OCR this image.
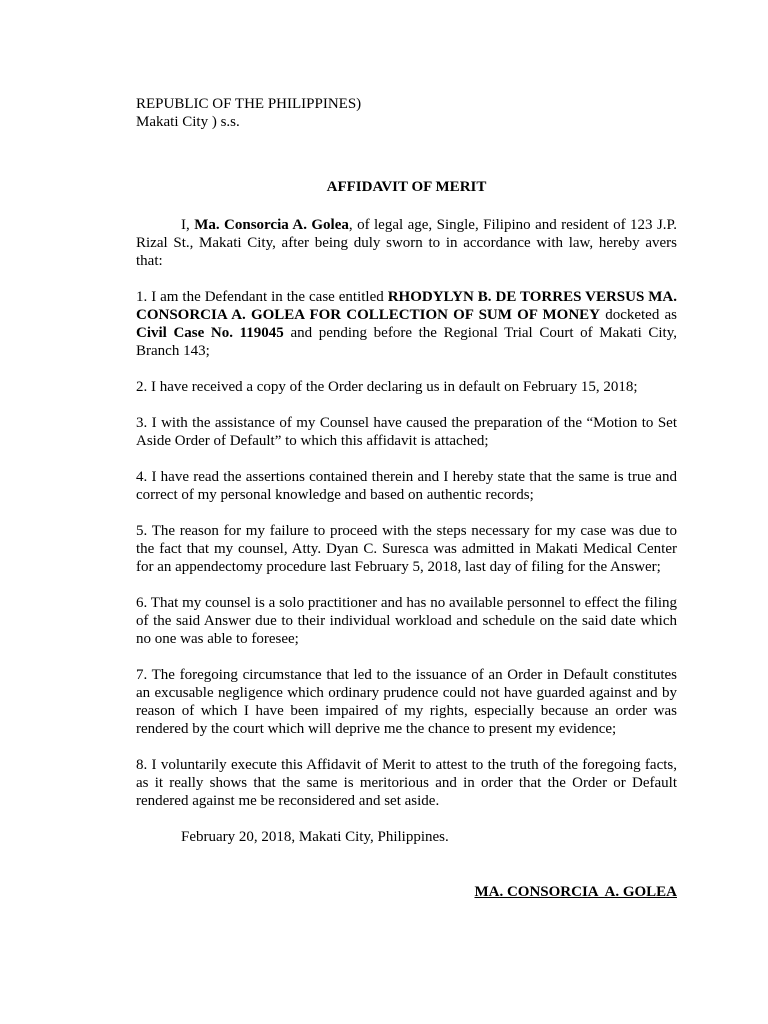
REPUBLIC OF THE PHILIPPINES)
Makati City ) s.s.
AFFIDAVIT OF MERIT

I, Ma. Consorcia A. Golea, of legal age, Single, Filipino and resident of 123 J.P. Rizal St., Makati City, after being duly sworn to in accordance with law, hereby avers that:

1. I am the Defendant in the case entitled RHODYLYN B. DE TORRES VERSUS MA. CONSORCIA A. GOLEA FOR COLLECTION OF SUM OF MONEY docketed as Civil Case No. 119045 and pending before the Regional Trial Court of Makati City, Branch 143;

2. I have received a copy of the Order declaring us in default on February 15, 2018;

3. I with the assistance of my Counsel have caused the preparation of the “Motion to Set Aside Order of Default” to which this affidavit is attached;

4. I have read the assertions contained therein and I hereby state that the same is true and correct of my personal knowledge and based on authentic records;

5. The reason for my failure to proceed with the steps necessary for my case was due to the fact that my counsel, Atty. Dyan C. Suresca was admitted in Makati Medical Center for an appendectomy procedure last February 5, 2018, last day of filing for the Answer;

6. That my counsel is a solo practitioner and has no available personnel to effect the filing of the said Answer due to their individual workload and schedule on the said date which no one was able to foresee;

7. The foregoing circumstance that led to the issuance of an Order in Default constitutes an excusable negligence which ordinary prudence could not have guarded against and by reason of which I have been impaired of my rights, especially because an order was rendered by the court which will deprive me the chance to present my evidence;

8. I voluntarily execute this Affidavit of Merit to attest to the truth of the foregoing facts, as it really shows that the same is meritorious and in order that the Order or Default rendered against me be reconsidered and set aside.

February 20, 2018, Makati City, Philippines.
MA. CONSORCIA  A. GOLEA
